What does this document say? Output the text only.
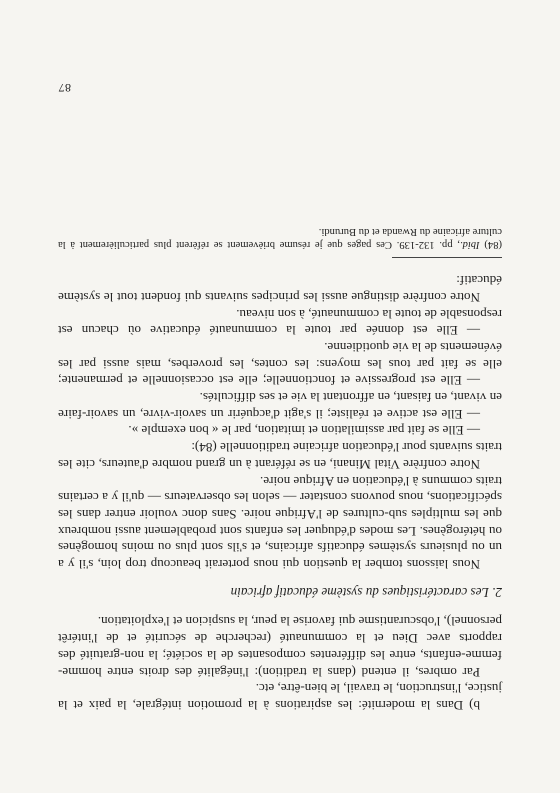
b) Dans la modernité: les aspirations à la promotion intégrale, la paix et la justice, l'instruction, le travail, le bien-être, etc.

Par ombres, il entend (dans la tradition): l'inégalité des droits entre homme-femme-enfants, entre les différentes composantes de la société; la non-gratuité des rapports avec Dieu et la communauté (recherche de sécurité et de l'intérêt personnel), l'obscurantisme qui favorise la peur, la suspicion et l'exploitation.

2. Les caractéristiques du système éducatif africain

Nous laissons tomber la question qui nous porterait beaucoup trop loin, s'il y a un ou plusieurs systèmes éducatifs africains, et s'ils sont plus ou moins homogènes ou hétérogènes. Les modes d'éduquer les enfants sont probablement aussi nombreux que les multiples sub-cultures de l'Afrique noire. Sans donc vouloir entrer dans les spécifications, nous pouvons constater — selon les observateurs — qu'il y a certains traits communs à l'éducation en Afrique noire.

Notre confrère Vital Minani, en se référant à un grand nombre d'auteurs, cite les traits suivants pour l'éducation africaine traditionnelle (84):

— Elle se fait par assimilation et imitation, par le « bon exemple ».

— Elle est active et réaliste; il s'agit d'acquérir un savoir-vivre, un savoir-faire en vivant, en faisant, en affrontant la vie et ses difficultés.

— Elle est progressive et fonctionnelle; elle est occasionnelle et permanente; elle se fait par tous les moyens: les contes, les proverbes, mais aussi par les événements de la vie quotidienne.

— Elle est donnée par toute la communauté éducative où chacun est responsable de toute la communauté, à son niveau.

Notre confrère distingue aussi les principes suivants qui fondent tout le système éducatif:

(84) Ibid., pp. 132-139. Ces pages que je résume brièvement se réfèrent plus particulièrement à la culture africaine du Rwanda et du Burundi.

87
